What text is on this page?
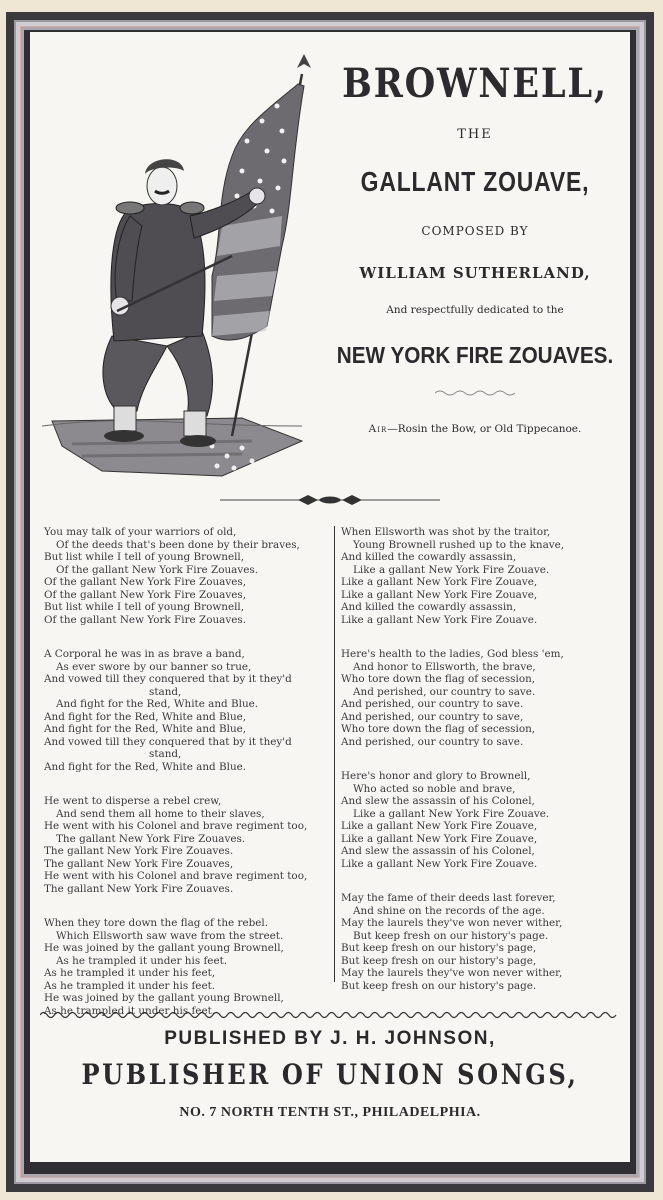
BROWNELL,
THE
GALLANT ZOUAVE,
COMPOSED BY
WILLIAM SUTHERLAND,
And respectfully dedicated to the
NEW YORK FIRE ZOUAVES.
Air—Rosin the Bow, or Old Tippecanoe.
You may talk of your warriors of old,
Of the deeds that's been done by their braves,
But list while I tell of young Brownell,
Of the gallant New York Fire Zouaves.
Of the gallant New York Fire Zouaves,
Of the gallant New York Fire Zouaves,
But list while I tell of young Brownell,
Of the gallant New York Fire Zouaves.
A Corporal he was in as brave a band,
As ever swore by our banner so true,
And vowed till they conquered that by it they'd
stand,
And fight for the Red, White and Blue.
And fight for the Red, White and Blue,
And fight for the Red, White and Blue,
And vowed till they conquered that by it they'd
stand,
And fight for the Red, White and Blue.
He went to disperse a rebel crew,
And send them all home to their slaves,
He went with his Colonel and brave regiment too,
The gallant New York Fire Zouaves.
The gallant New York Fire Zouaves.
The gallant New York Fire Zouaves,
He went with his Colonel and brave regiment too,
The gallant New York Fire Zouaves.
When they tore down the flag of the rebel.
Which Ellsworth saw wave from the street.
He was joined by the gallant young Brownell,
As he trampled it under his feet.
As he trampled it under his feet,
As he trampled it under his feet.
He was joined by the gallant young Brownell,
As he trampled it under his feet.
When Ellsworth was shot by the traitor,
Young Brownell rushed up to the knave,
And killed the cowardly assassin,
Like a gallant New York Fire Zouave.
Like a gallant New York Fire Zouave,
Like a gallant New York Fire Zouave,
And killed the cowardly assassin,
Like a gallant New York Fire Zouave.
Here's health to the ladies, God bless 'em,
And honor to Ellsworth, the brave,
Who tore down the flag of secession,
And perished, our country to save.
And perished, our country to save.
And perished, our country to save,
Who tore down the flag of secession,
And perished, our country to save.
Here's honor and glory to Brownell,
Who acted so noble and brave,
And slew the assassin of his Colonel,
Like a gallant New York Fire Zouave.
Like a gallant New York Fire Zouave,
Like a gallant New York Fire Zouave,
And slew the assassin of his Colonel,
Like a gallant New York Fire Zouave.
May the fame of their deeds last forever,
And shine on the records of the age.
May the laurels they've won never wither,
But keep fresh on our history's page.
But keep fresh on our history's page,
But keep fresh on our history's page,
May the laurels they've won never wither,
But keep fresh on our history's page.
PUBLISHED BY J. H. JOHNSON,
PUBLISHER OF UNION SONGS,
NO. 7 NORTH TENTH ST., PHILADELPHIA.
